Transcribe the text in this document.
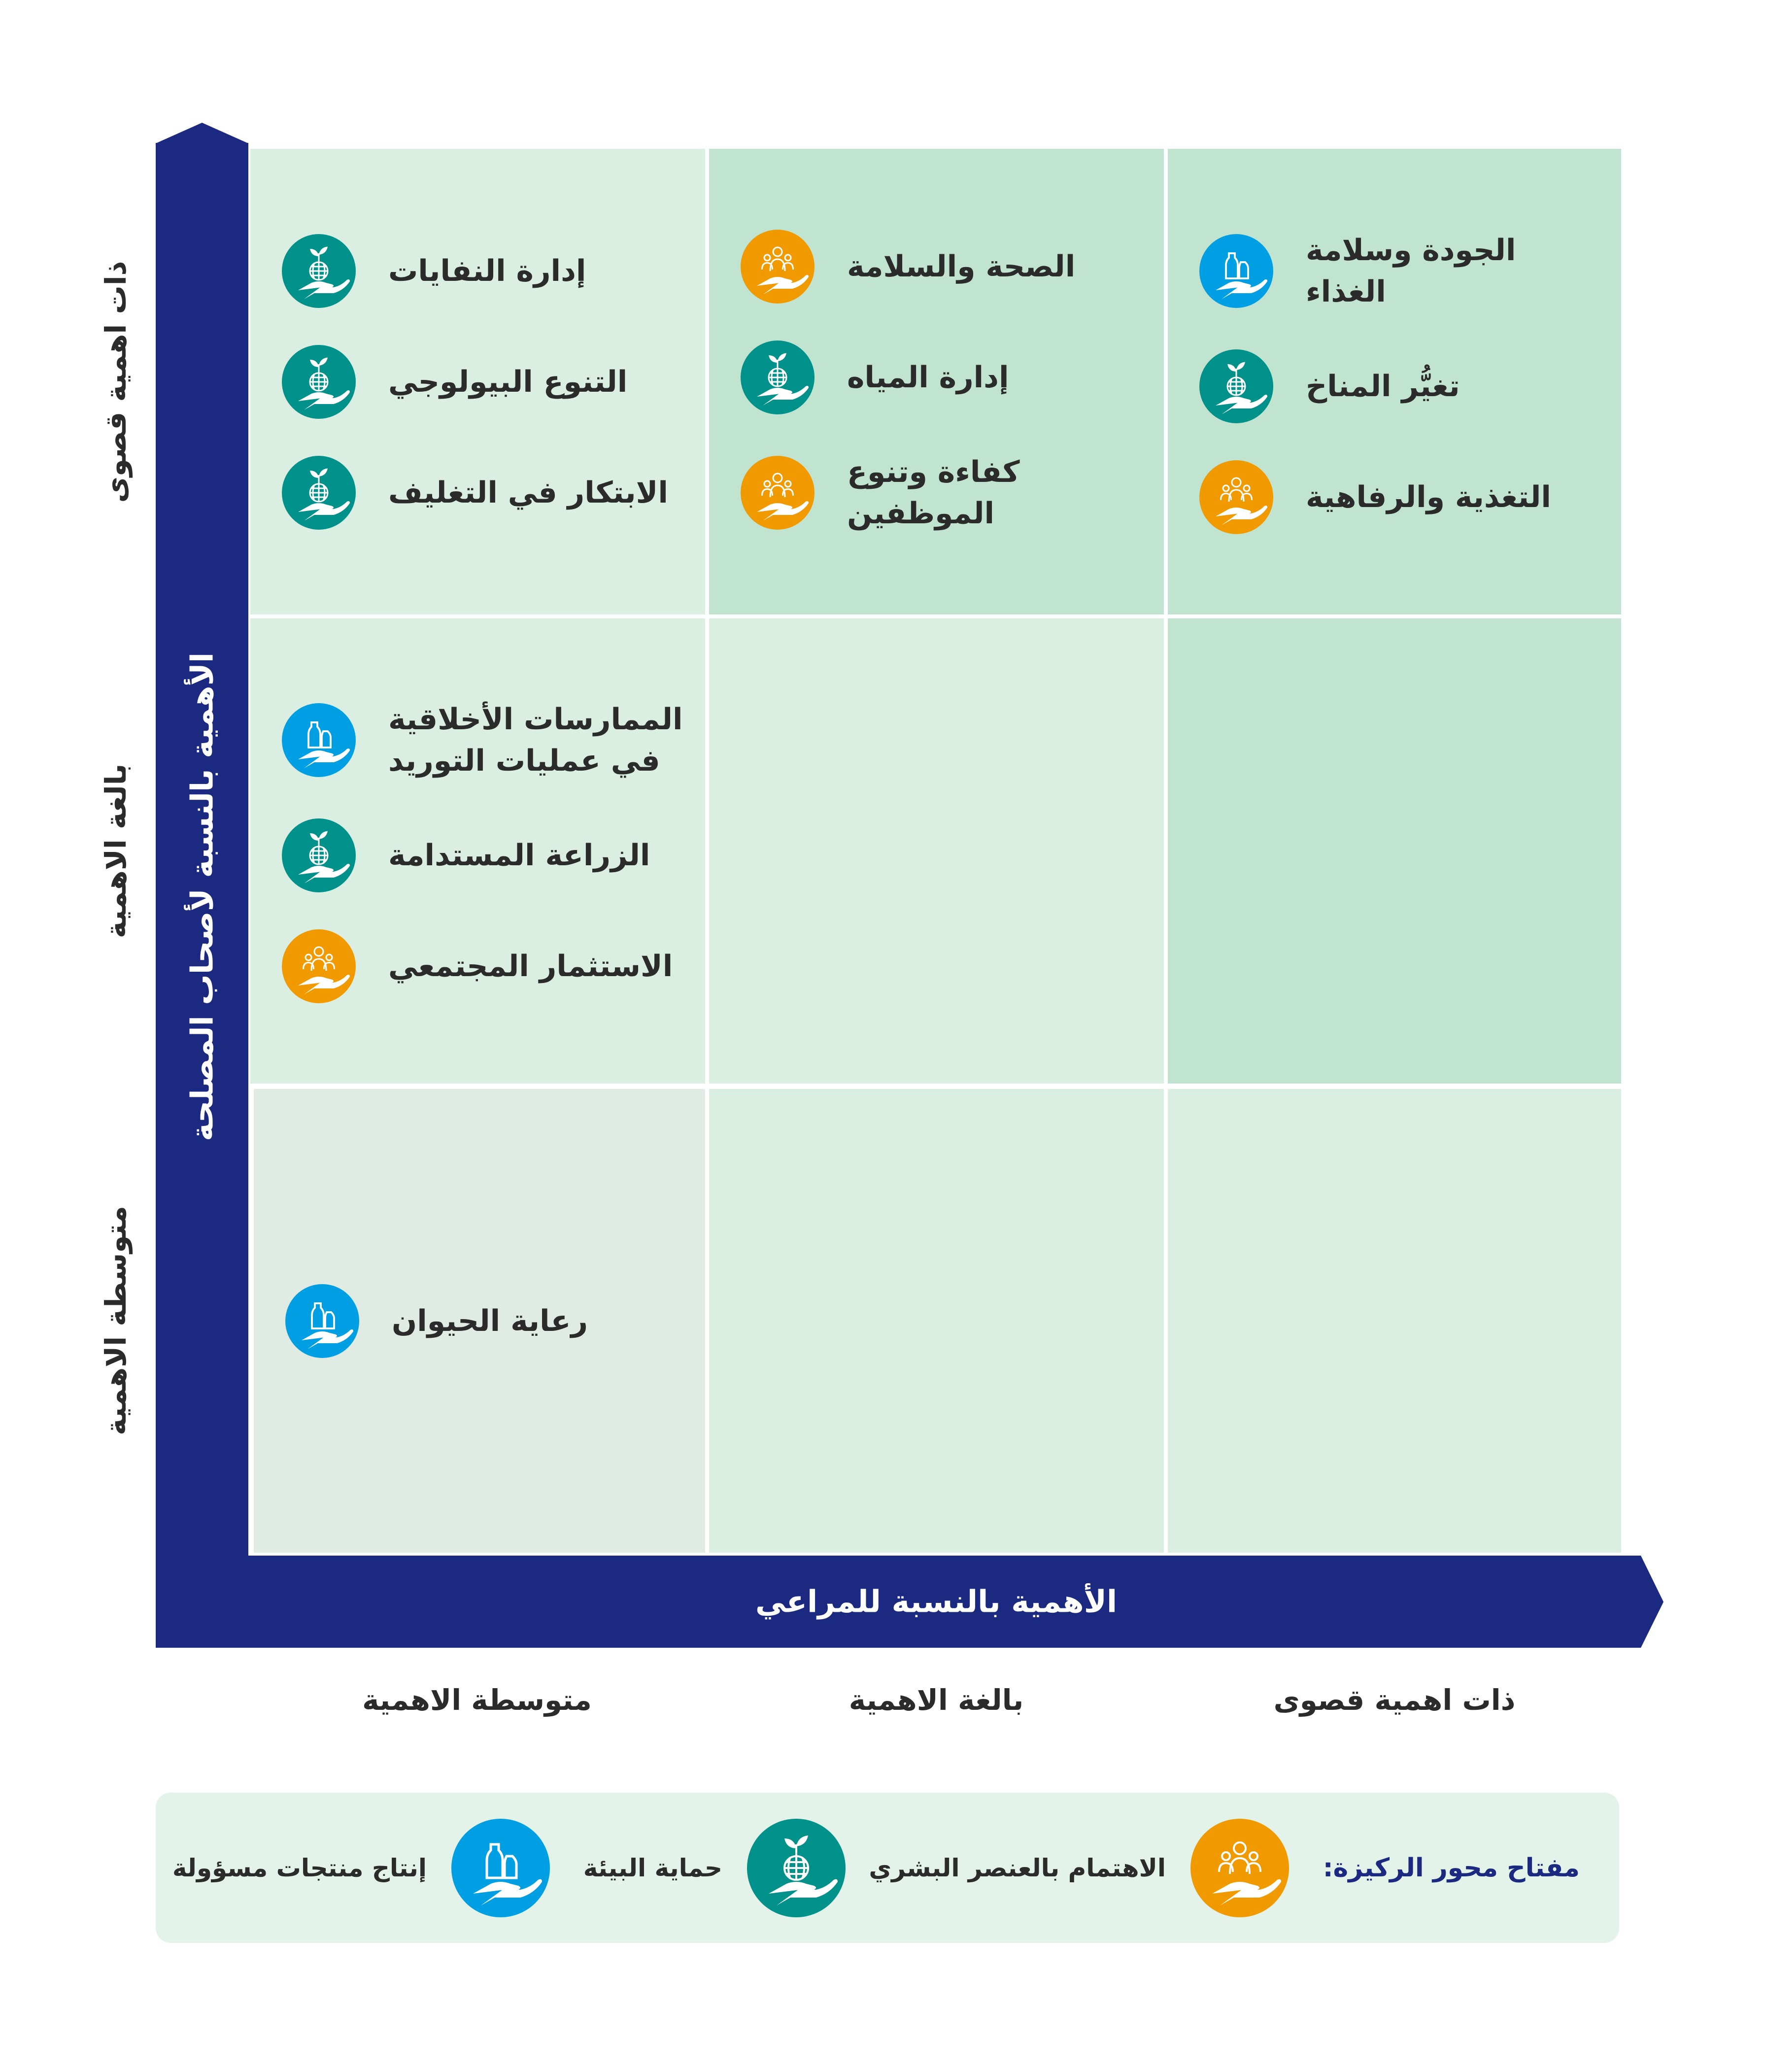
الأهمية بالنسبة لأصحاب المصلحة
الأهمية بالنسبة للمراعي
ذات اهمية قصوى
بالغة الاهمية
متوسطة الاهمية
متوسطة الاهمية	بالغة الاهمية	ذات اهمية قصوى
إدارة النفايات
التنوع البيولوجي
الابتكار في التغليف
الصحة والسلامة
إدارة المياه
كفاءة وتنوع الموظفين
الجودة وسلامة الغذاء
تغيُّر المناخ
التغذية والرفاهية
الممارسات الأخلاقية في عمليات التوريد
الزراعة المستدامة
الاستثمار المجتمعي
رعاية الحيوان
مفتاح محور الركيزة:
الاهتمام بالعنصر البشري
حماية البيئة
إنتاج منتجات مسؤولة
